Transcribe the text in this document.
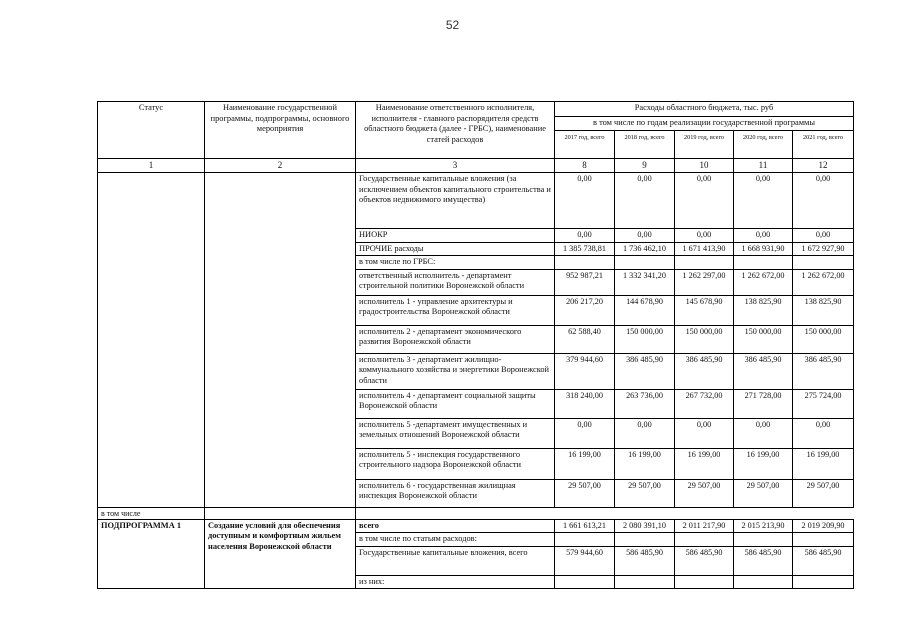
52
Статус	Наименование государственной программы, подпрограммы, основного мероприятия	Наименование ответственного исполнителя, исполнителя - главного распорядителя средств областного бюджета (далее - ГРБС), наименование статей расходов	Расходы областного бюджета, тыс. руб				
			в том числе по годам реализации государственной программы				
			2017 год, всего	2018 год, всего	2019 год, всего	2020 год, всего	2021 год, всего
1	2	3	8	9	10	11	12
		Государственные капитальные вложения (за исключением объектов капитального строительства и объектов недвижимого имущества)	0,00	0,00	0,00	0,00	0,00
		НИОКР	0,00	0,00	0,00	0,00	0,00
		ПРОЧИЕ расходы	1 385 738,81	1 736 462,10	1 671 413,90	1 668 931,90	1 672 927,90
		в том числе по ГРБС:					
		ответственный исполнитель - департамент строительной политики Воронежской области	952 987,21	1 332 341,20	1 262 297,00	1 262 672,00	1 262 672,00
		исполнитель 1 - управление архитектуры и градостроительства Воронежской области	206 217,20	144 678,90	145 678,90	138 825,90	138 825,90
		исполнитель 2 - департамент экономического развития Воронежской области	62 588,40	150 000,00	150 000,00	150 000,00	150 000,00
		исполнитель 3 - департамент жилищно-коммунального хозяйства и энергетики Воронежской области	379 944,60	386 485,90	386 485,90	386 485,90	386 485,90
		исполнитель 4 - департамент социальной защиты Воронежской области	318 240,00	263 736,00	267 732,00	271 728,00	275 724,00
		исполнитель 5 -департамент имущественных и земельных отношений Воронежской области	0,00	0,00	0,00	0,00	0,00
		исполнитель 5 - инспекция государственного строительного надзора Воронежской области	16 199,00	16 199,00	16 199,00	16 199,00	16 199,00
		исполнитель 6 - государственная жилищная инспекция Воронежской области	29 507,00	29 507,00	29 507,00	29 507,00	29 507,00
в том числе							
ПОДПРОГРАММА 1	Создание условий для обеспечения доступным и комфортным жильем населения Воронежской области	всего	1 661 613,21	2 080 391,10	2 011 217,90	2 015 213,90	2 019 209,90
		в том числе по статьям расходов:					
		Государственные капитальные вложения, всего	579 944,60	586 485,90	586 485,90	586 485,90	586 485,90
		из них:					
